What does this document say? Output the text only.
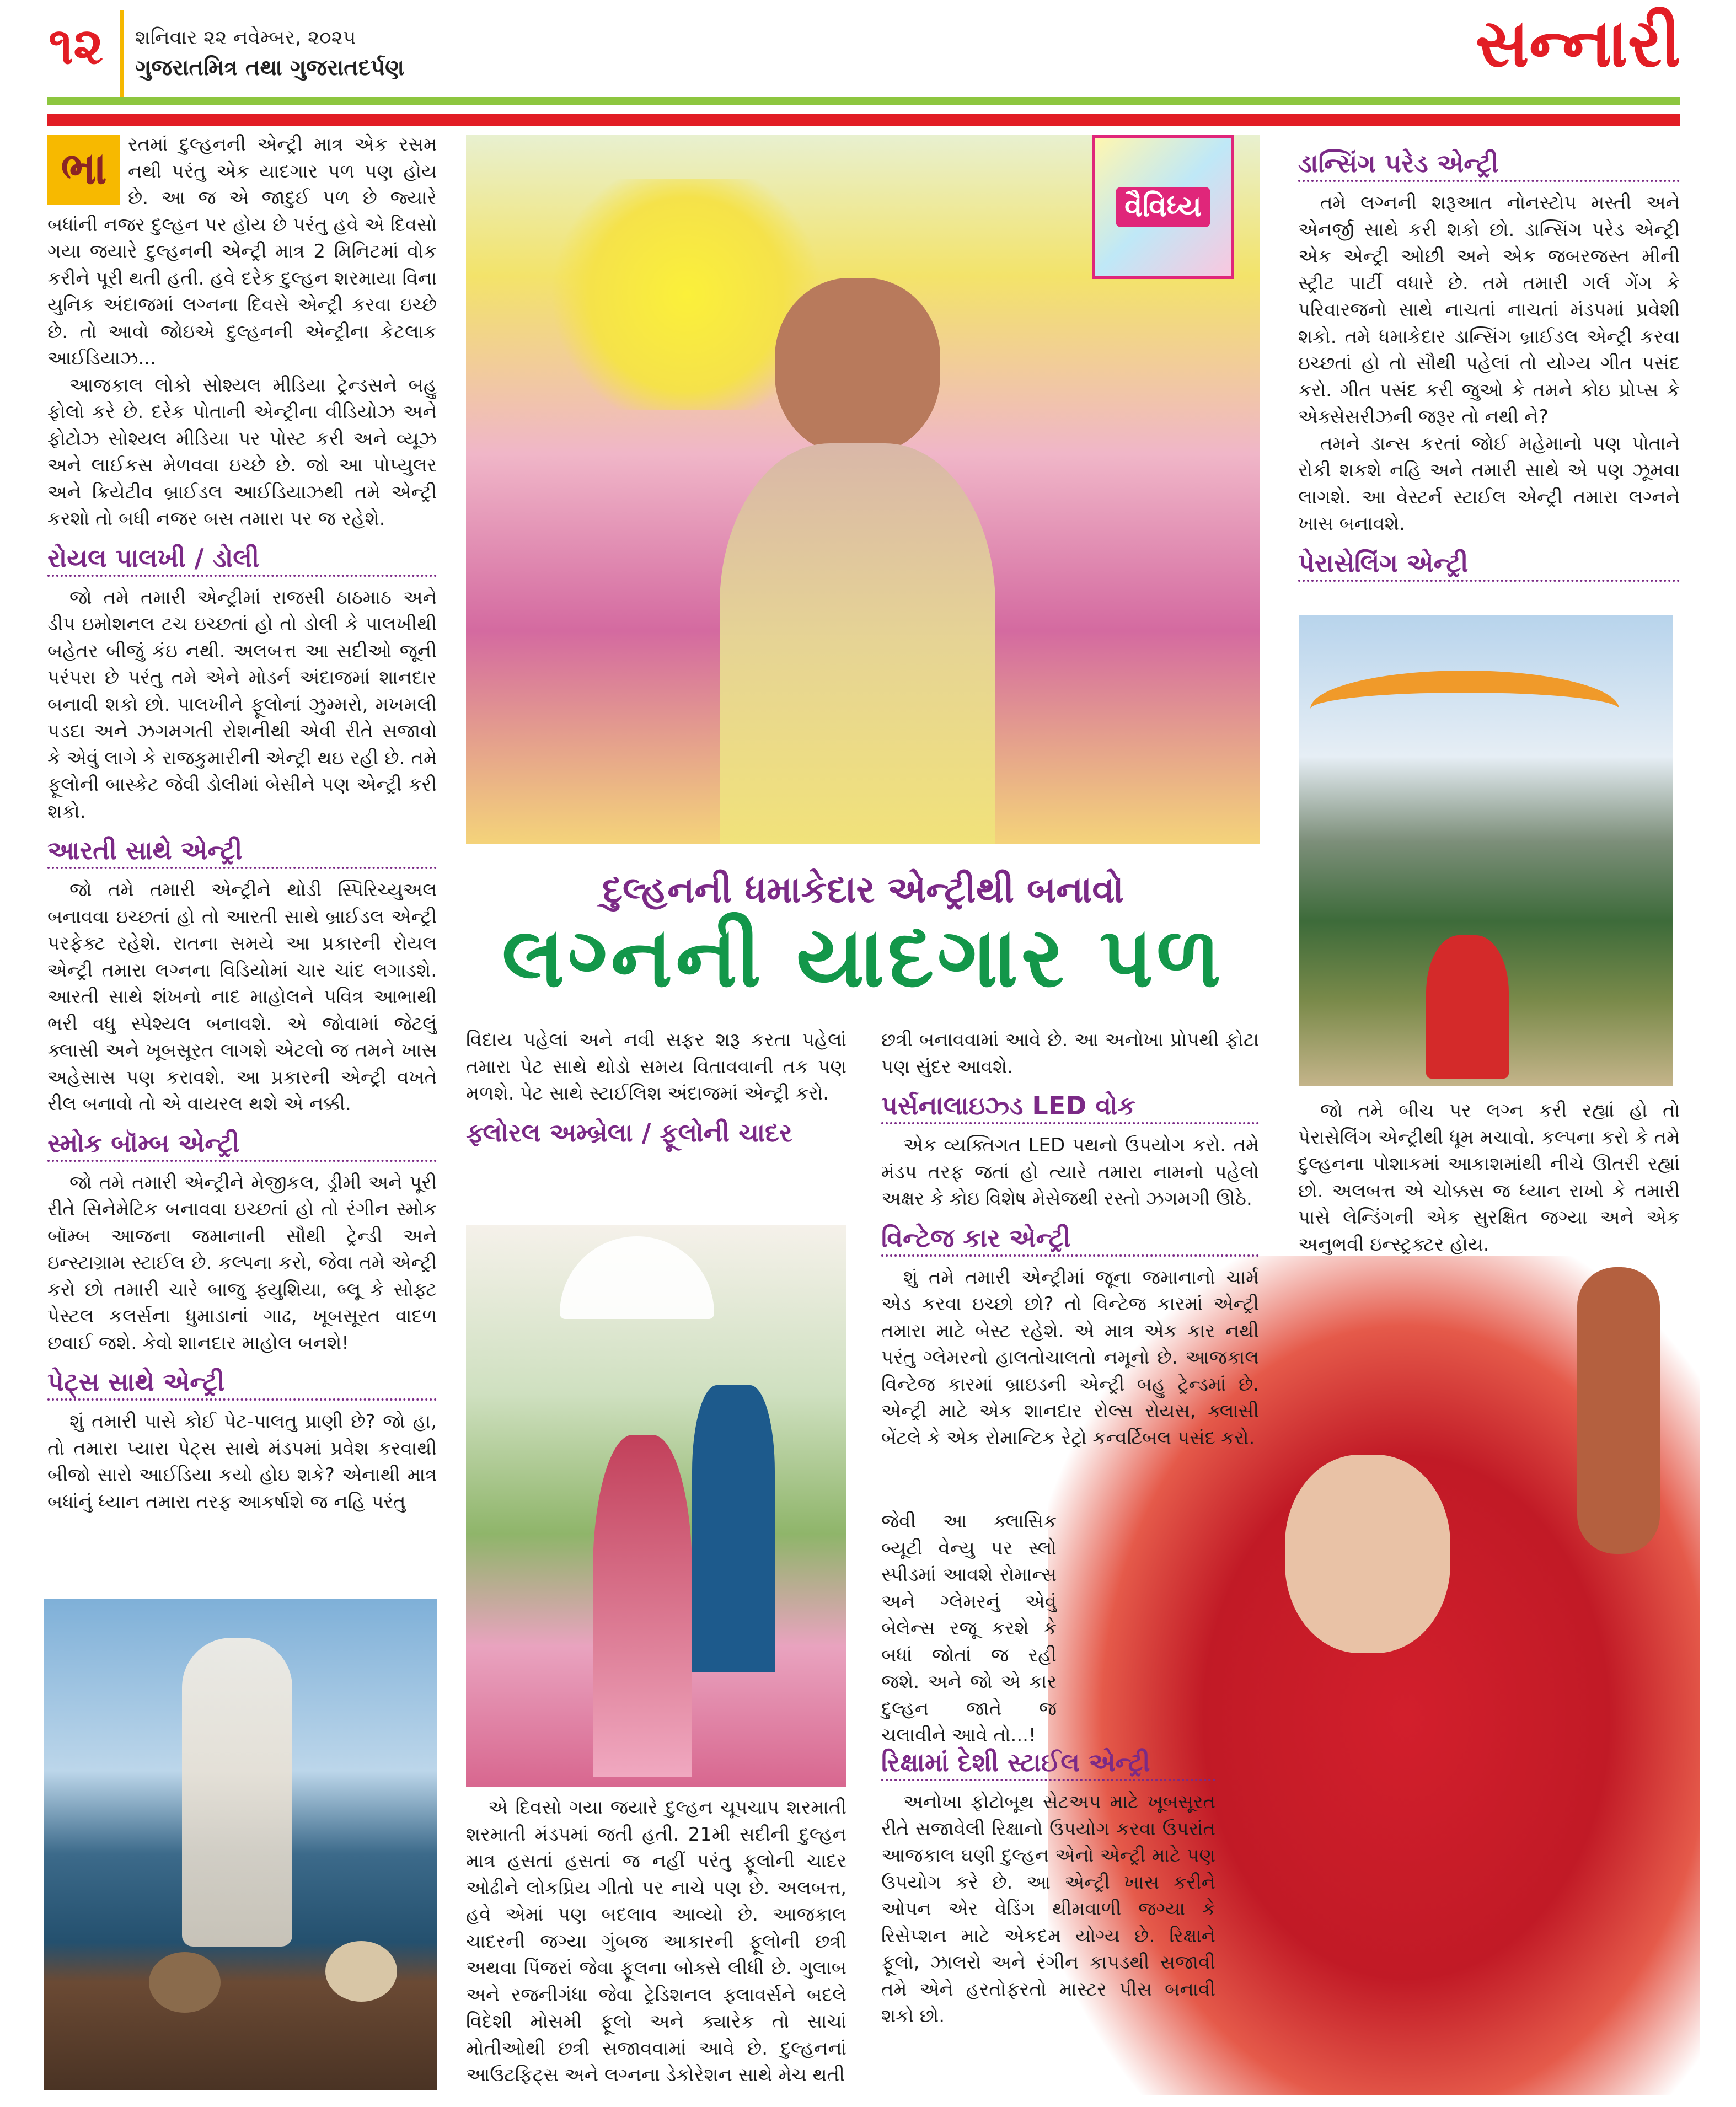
૧૨ શનિવાર ૨૨ નવેમ્બર, ૨૦૨૫
ગુજરાતમિત્ર તથા ગુજરાતદર્પણ	સન્નારી
ભા	રતમાં દુલ્હનની એન્ટ્રી માત્ર એક રસમ નથી પરંતુ એક યાદગાર પળ પણ હોય છે. આ જ એ જાદુઈ પળ છે જ્યારે બધાંની નજર દુલ્હન પર હોય છે પરંતુ હવે એ દિવસો ગયા જયારે દુલ્હનની એન્ટ્રી માત્ર 2 મિનિટમાં વોક કરીને પૂરી થતી હતી. હવે દરેક દુલ્હન શરમાયા વિના યુનિક અંદાજમાં લગ્નના દિવસે એન્ટ્રી કરવા ઇચ્છે છે. તો આવો જોઇએ દુલ્હનની એન્ટ્રીના કેટલાક આઈડિયાઝ...

આજકાલ લોકો સોશ્યલ મીડિયા ટ્રેન્ડસને બહુ ફોલો કરે છે. દરેક પોતાની એન્ટ્રીના વીડિયોઝ અને ફોટોઝ સોશ્યલ મીડિયા પર પોસ્ટ કરી અને વ્યૂઝ અને લાઈકસ મેળવવા ઇચ્છે છે. જો આ પોપ્યુલર અને ક્રિયેટીવ બ્રાઈડલ આઈડિયાઝથી તમે એન્ટ્રી કરશો તો બધી નજર બસ તમારા પર જ રહેશે.

રોયલ પાલખી / ડોલી

જો તમે તમારી એન્ટ્રીમાં રાજસી ઠાઠમાઠ અને ડીપ ઇમોશનલ ટચ ઇચ્છતાં હો તો ડોલી કે પાલખીથી બહેતર બીજું કંઇ નથી. અલબત્ત આ સદીઓ જૂની પરંપરા છે પરંતુ તમે એને મોડર્ન અંદાજમાં શાનદાર બનાવી શકો છો. પાલખીને ફૂલોનાં ઝુમ્મરો, મખમલી પડદા અને ઝગમગતી રોશનીથી એવી રીતે સજાવો કે એવું લાગે કે રાજકુમારીની એન્ટ્રી થઇ રહી છે. તમે ફૂલોની બાસ્કેટ જેવી ડોલીમાં બેસીને પણ એન્ટ્રી કરી શકો.

આરતી સાથે એન્ટ્રી

જો તમે તમારી એન્ટ્રીને થોડી સ્પિરિચ્યુઅલ બનાવવા ઇચ્છતાં હો તો આરતી સાથે બ્રાઈડલ એન્ટ્રી પરફેક્ટ રહેશે. રાતના સમયે આ પ્રકારની રોયલ એન્ટ્રી તમારા લગ્નના વિડિયોમાં ચાર ચાંદ લગાડશે. આરતી સાથે શંખનો નાદ માહોલને પવિત્ર આભાથી ભરી વધુ સ્પેશ્યલ બનાવશે. એ જોવામાં જેટલું ક્લાસી અને ખૂબસૂરત લાગશે એટલો જ તમને ખાસ અહેસાસ પણ કરાવશે. આ પ્રકારની એન્ટ્રી વખતે રીલ બનાવો તો એ વાયરલ થશે એ નક્કી.

સ્મોક બૉમ્બ એન્ટ્રી

જો તમે તમારી એન્ટ્રીને મેજીકલ, ડ્રીમી અને પૂરી રીતે સિનેમેટિક બનાવવા ઇચ્છતાં હો તો રંગીન સ્મોક બૉમ્બ આજના જમાનાની સૌથી ટ્રેન્ડી અને ઇન્સ્ટાગ્રામ સ્ટાઈલ છે. કલ્પના કરો, જેવા તમે એન્ટ્રી કરો છો તમારી ચારે બાજુ ફ્યુશિયા, બ્લૂ કે સોફ્ટ પેસ્ટલ કલર્સના ધુમાડાનાં ગાઢ, ખૂબસૂરત વાદળ છવાઈ જશે. કેવો શાનદાર માહોલ બનશે!

પેટ્સ સાથે એન્ટ્રી

શું તમારી પાસે કોઈ પેટ-પાલતુ પ્રાણી છે? જો હા, તો તમારા પ્યારા પેટ્સ સાથે મંડપમાં પ્રવેશ કરવાથી બીજો સારો આઈડિયા કયો હોઇ શકે? એનાથી માત્ર બધાંનું ધ્યાન તમારા તરફ આકર્ષાશે જ નહિ પરંતુ

વૈવિધ્ય
દુલ્હનની ધમાકેદાર એન્ટ્રીથી બનાવો
લગ્નની યાદગાર પળ
વિદાય પહેલાં અને નવી સફર શરૂ કરતા પહેલાં તમારા પેટ સાથે થોડો સમય વિતાવવાની તક પણ મળશે. પેટ સાથે સ્ટાઈલિશ અંદાજમાં એન્ટ્રી કરો.
ફ્લોરલ અમ્બ્રેલા / ફૂલોની ચાદર

એ દિવસો ગયા જયારે દુલ્હન ચૂપચાપ શરમાતી શરમાતી મંડપમાં જતી હતી. 21મી સદીની દુલ્હન માત્ર હસતાં હસતાં જ નહીં પરંતુ ફૂલોની ચાદર ઓઢીને લોકપ્રિય ગીતો પર નાચે પણ છે. અલબત્ત, હવે એમાં પણ બદલાવ આવ્યો છે. આજકાલ ચાદરની જગ્યા ગુંબજ આકારની ફૂલોની છત્રી અથવા પિંજરાં જેવા ફૂલના બોક્સે લીધી છે. ગુલાબ અને રજનીગંધા જેવા ટ્રેડિશનલ ફ્લાવર્સને બદલે વિદેશી મોસમી ફૂલો અને ક્યારેક તો સાચાં મોતીઓથી છત્રી સજાવવામાં આવે છે. દુલ્હનનાં આઉટફિટ્સ અને લગ્નના ડેકોરેશન સાથે મેચ થતી

છત્રી બનાવવામાં આવે છે. આ અનોખા પ્રોપથી ફોટા પણ સુંદર આવશે.
પર્સનાલાઇઝ્ડ LED વોક

એક વ્યક્તિગત LED પથનો ઉપયોગ કરો. તમે મંડપ તરફ જતાં હો ત્યારે તમારા નામનો પહેલો અક્ષર કે કોઇ વિશેષ મેસેજથી રસ્તો ઝગમગી ઊઠે.

વિન્ટેજ કાર એન્ટ્રી

શું તમે તમારી એન્ટ્રીમાં જૂના જમાનાનો ચાર્મ એડ કરવા ઇચ્છો છો? તો વિન્ટેજ કારમાં એન્ટ્રી તમારા માટે બેસ્ટ રહેશે. એ માત્ર એક કાર નથી પરંતુ ગ્લેમરનો હાલતોચાલતો નમૂનો છે. આજકાલ વિન્ટેજ કારમાં બ્રાઇડની એન્ટ્રી બહુ ટ્રેન્ડમાં છે. એન્ટ્રી માટે એક શાનદાર રોલ્સ રોયસ, ક્લાસી બેંટલે કે એક રોમાન્ટિક રેટ્રો કન્વર્ટિબલ પસંદ કરો.

જેવી આ ક્લાસિક બ્યૂટી વેન્યુ પર સ્લો સ્પીડમાં આવશે રોમાન્સ અને ગ્લેમરનું એવું બેલેન્સ રજૂ કરશે કે બધાં જોતાં જ રહી જશે. અને જો એ કાર દુલ્હન જાતે જ ચલાવીને આવે તો...!
રિક્ષામાં દેશી સ્ટાઈલ એન્ટ્રી

અનોખા ફોટોબૂથ સેટઅપ માટે ખૂબસૂરત રીતે સજાવેલી રિક્ષાનો ઉપયોગ કરવા ઉપરાંત આજકાલ ઘણી દુલ્હન એનો એન્ટ્રી માટે પણ ઉપયોગ કરે છે. આ એન્ટ્રી ખાસ કરીને ઓપન એર વેડિંગ થીમવાળી જગ્યા કે રિસેપ્શન માટે એકદમ યોગ્ય છે. રિક્ષાને ફૂલો, ઝાલરો અને રંગીન કાપડથી સજાવી તમે એને હરતોફરતો માસ્ટર પીસ બનાવી શકો છો.

ડાન્સિંગ પરેડ એન્ટ્રી

તમે લગ્નની શરૂઆત નોનસ્ટોપ મસ્તી અને એનર્જી સાથે કરી શકો છો. ડાન્સિંગ પરેડ એન્ટ્રી એક એન્ટ્રી ઓછી અને એક જબરજસ્ત મીની સ્ટ્રીટ પાર્ટી વધારે છે. તમે તમારી ગર્લ ગેંગ કે પરિવારજનો સાથે નાચતાં નાચતાં મંડપમાં પ્રવેશી શકો. તમે ધમાકેદાર ડાન્સિંગ બ્રાઈડલ એન્ટ્રી કરવા ઇચ્છતાં હો તો સૌથી પહેલાં તો યોગ્ય ગીત પસંદ કરો. ગીત પસંદ કરી જુઓ કે તમને કોઇ પ્રોપ્સ કે એક્સેસરીઝની જરૂર તો નથી ને?

તમને ડાન્સ કરતાં જોઈ મહેમાનો પણ પોતાને રોકી શકશે નહિ અને તમારી સાથે એ પણ ઝૂમવા લાગશે. આ વેસ્ટર્ન સ્ટાઈલ એન્ટ્રી તમારા લગ્નને ખાસ બનાવશે.

પેરાસેલિંગ એન્ટ્રી

જો તમે બીચ પર લગ્ન કરી રહ્યાં હો તો પેરાસેલિંગ એન્ટ્રીથી ધૂમ મચાવો. કલ્પના કરો કે તમે દુલ્હનના પોશાકમાં આકાશમાંથી નીચે ઊતરી રહ્યાં છો. અલબત્ત એ ચોક્કસ જ ધ્યાન રાખો કે તમારી પાસે લેન્ડિંગની એક સુરક્ષિત જગ્યા અને એક અનુભવી ઇન્સ્ટ્રક્ટર હોય.
